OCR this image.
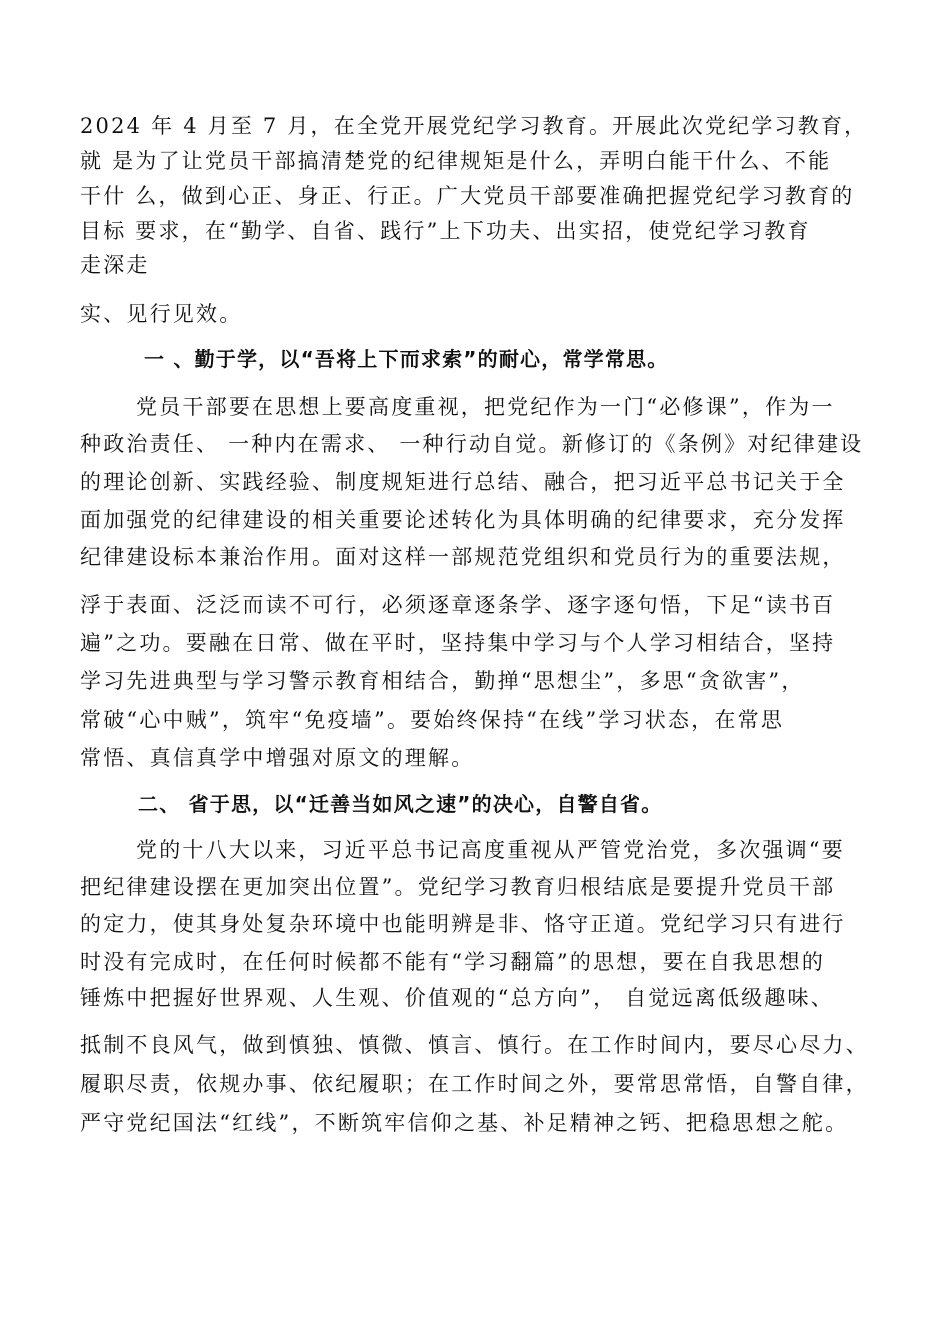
2024 年 4 月至 7 月，在全党开展党纪学习教育。开展此次党纪学习教育，
就 是为了让党员干部搞清楚党的纪律规矩是什么，弄明白能干什么、不能
干什 么，做到心正、身正、行正。广大党员干部要准确把握党纪学习教育的
目标 要求，在“勤学、自省、践行”上下功夫、出实招，使党纪学习教育
走深走
实、见行见效。
一 、勤于学，以“吾将上下而求索”的耐心，常学常思。
党员干部要在思想上要高度重视，把党纪作为一门“必修课”，作为一
种政治责任、 一种内在需求、 一种行动自觉。新修订的《条例》对纪律建设
的理论创新、实践经验、制度规矩进行总结、融合，把习近平总书记关于全
面加强党的纪律建设的相关重要论述转化为具体明确的纪律要求，充分发挥
纪律建设标本兼治作用。面对这样一部规范党组织和党员行为的重要法规，
浮于表面、泛泛而读不可行，必须逐章逐条学、逐字逐句悟，下足“读书百
遍”之功。要融在日常、做在平时，坚持集中学习与个人学习相结合，坚持
学习先进典型与学习警示教育相结合，勤掸“思想尘”，多思“贪欲害”，
常破“心中贼”，筑牢“免疫墙”。要始终保持“在线”学习状态，在常思
常悟、真信真学中增强对原文的理解。
二、 省于思，以“迁善当如风之速”的决心，自警自省。
党的十八大以来，习近平总书记高度重视从严管党治党，多次强调“要
把纪律建设摆在更加突出位置”。党纪学习教育归根结底是要提升党员干部
的定力，使其身处复杂环境中也能明辨是非、恪守正道。党纪学习只有进行
时没有完成时，在任何时候都不能有“学习翻篇”的思想，要在自我思想的
锤炼中把握好世界观、人生观、价值观的“总方向”， 自觉远离低级趣味、
抵制不良风气，做到慎独、慎微、慎言、慎行。在工作时间内，要尽心尽力、
履职尽责，依规办事、依纪履职；在工作时间之外，要常思常悟，自警自律，
严守党纪国法“红线”，不断筑牢信仰之基、补足精神之钙、把稳思想之舵。
